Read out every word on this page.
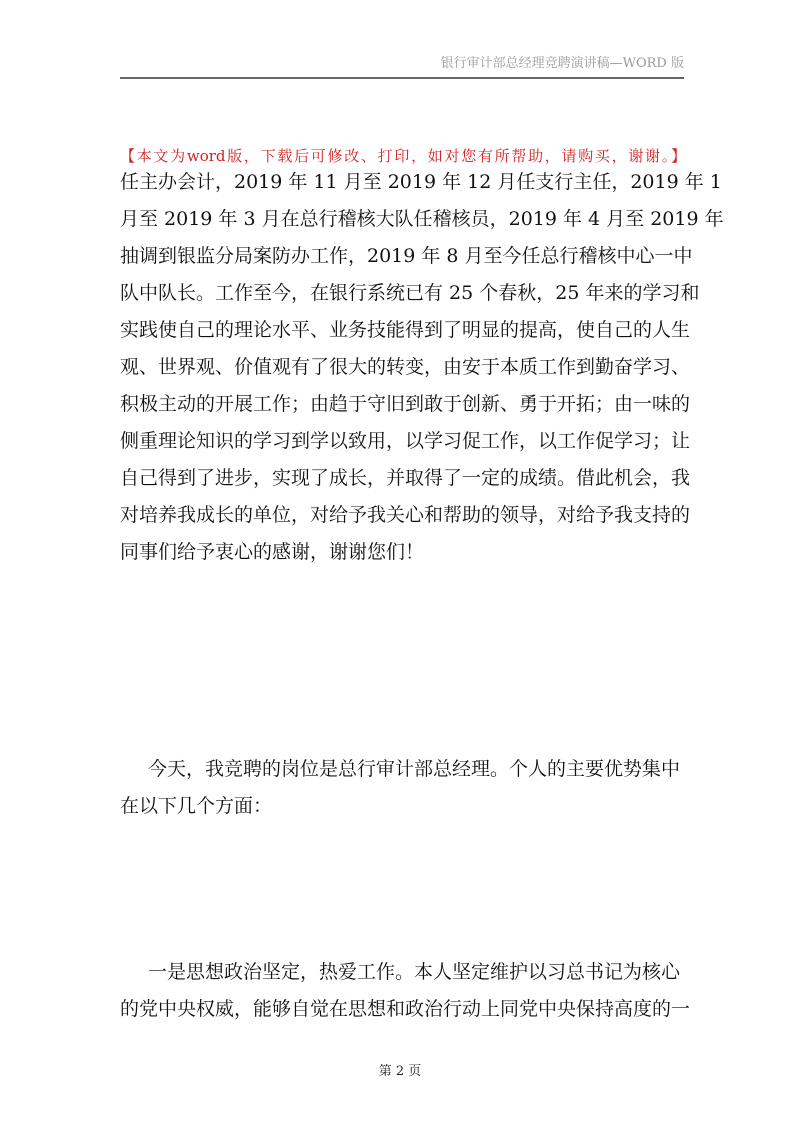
银行审计部总经理竞聘演讲稿—WORD 版
【本文为word版，下载后可修改、打印，如对您有所帮助，请购买，谢谢。】
任主办会计，2019 年 11 月至 2019 年 12 月任支行主任，2019 年 1
月至 2019 年 3 月在总行稽核大队任稽核员，2019 年 4 月至 2019 年
抽调到银监分局案防办工作，2019 年 8 月至今任总行稽核中心一中
队中队长。工作至今，在银行系统已有 25 个春秋，25 年来的学习和
实践使自己的理论水平、业务技能得到了明显的提高，使自己的人生
观、世界观、价值观有了很大的转变，由安于本质工作到勤奋学习、
积极主动的开展工作；由趋于守旧到敢于创新、勇于开拓；由一味的
侧重理论知识的学习到学以致用，以学习促工作，以工作促学习；让
自己得到了进步，实现了成长，并取得了一定的成绩。借此机会，我
对培养我成长的单位，对给予我关心和帮助的领导，对给予我支持的
同事们给予衷心的感谢，谢谢您们！
今天，我竞聘的岗位是总行审计部总经理。个人的主要优势集中
在以下几个方面：
一是思想政治坚定，热爱工作。本人坚定维护以习总书记为核心
的党中央权威，能够自觉在思想和政治行动上同党中央保持高度的一
第 2 页
